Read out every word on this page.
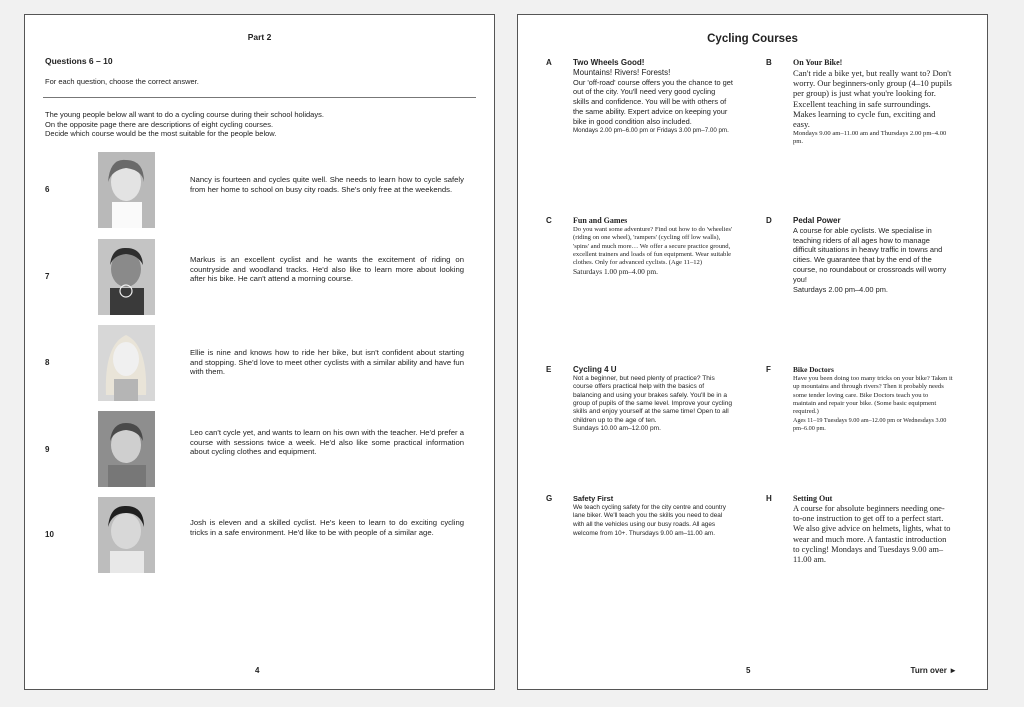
Part 2
Questions 6 – 10
For each question, choose the correct answer.
The young people below all want to do a cycling course during their school holidays.
On the opposite page there are descriptions of eight cycling courses.
Decide which course would be the most suitable for the people below.
6
Nancy is fourteen and cycles quite well. She needs to learn how to cycle safely from her home to school on busy city roads. She's only free at the weekends.
7
Markus is an excellent cyclist and he wants the excitement of riding on countryside and woodland tracks. He'd also like to learn more about looking after his bike. He can't attend a morning course.
8
Ellie is nine and knows how to ride her bike, but isn't confident about starting and stopping. She'd love to meet other cyclists with a similar ability and have fun with them.
9
Leo can't cycle yet, and wants to learn on his own with the teacher. He'd prefer a course with sessions twice a week. He'd also like some practical information about cycling clothes and equipment.
10
Josh is eleven and a skilled cyclist. He's keen to learn to do exciting cycling tricks in a safe environment. He'd like to be with people of a similar age.
4
Cycling Courses
A	Two Wheels Good!
Mountains! Rivers! Forests!
Our 'off-road' course offers you the chance to get out of the city. You'll need very good cycling skills and confidence. You will be with others of the same ability. Expert advice on keeping your bike in good condition also included.
Mondays 2.00 pm–6.00 pm or Fridays 3.00 pm–7.00 pm.
B	On Your Bike!
Can't ride a bike yet, but really want to? Don't worry. Our beginners-only group (4–10 pupils per group) is just what you're looking for. Excellent teaching in safe surroundings. Makes learning to cycle fun, exciting and easy.
Mondays 9.00 am–11.00 am and Thursdays 2.00 pm–4.00 pm.
C	Fun and Games
Do you want some adventure? Find out how to do 'wheelies' (riding on one wheel), 'rampers' (cycling off low walls), 'spins' and much more… We offer a secure practice ground, excellent trainers and loads of fun equipment. Wear suitable clothes. Only for advanced cyclists. (Age 11–12)
Saturdays 1.00 pm–4.00 pm.
D	Pedal Power
A course for able cyclists. We specialise in teaching riders of all ages how to manage difficult situations in heavy traffic in towns and cities. We guarantee that by the end of the course, no roundabout or crossroads will worry you!
Saturdays 2.00 pm–4.00 pm.
E	Cycling 4 U
Not a beginner, but need plenty of practice? This course offers practical help with the basics of balancing and using your brakes safely. You'll be in a group of pupils of the same level. Improve your cycling skills and enjoy yourself at the same time! Open to all children up to the age of ten.
Sundays 10.00 am–12.00 pm.
F	Bike Doctors
Have you been doing too many tricks on your bike? Taken it up mountains and through rivers? Then it probably needs some tender loving care. Bike Doctors teach you to maintain and repair your bike. (Some basic equipment required.)
Ages 11–19 Tuesdays 9.00 am–12.00 pm or Wednesdays 3.00 pm–6.00 pm.
G	Safety First
We teach cycling safety for the city centre and country lane biker. We'll teach you the skills you need to deal with all the vehicles using our busy roads. All ages welcome from 10+. Thursdays 9.00 am–11.00 am.
H	Setting Out
A course for absolute beginners needing one-to-one instruction to get off to a perfect start. We also give advice on helmets, lights, what to wear and much more. A fantastic introduction to cycling! Mondays and Tuesdays 9.00 am–11.00 am.
5	Turn over ►
